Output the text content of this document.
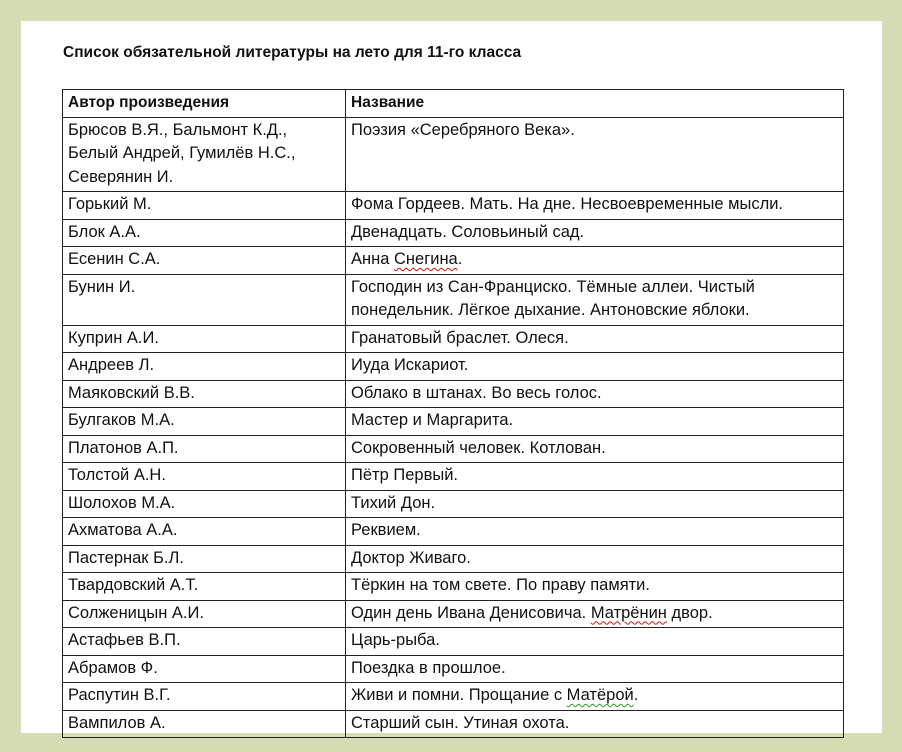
Список обязательной литературы на лето для 11-го класса
Автор произведения	Название
Брюсов В.Я., Бальмонт К.Д.,
Белый Андрей, Гумилёв Н.С.,
Северянин И.	Поэзия «Серебряного Века».
Горький М.	Фома Гордеев. Мать. На дне. Несвоевременные мысли.
Блок А.А.	Двенадцать. Соловьиный сад.
Есенин С.А.	Анна Снегина.
Бунин И.	Господин из Сан-Франциско. Тёмные аллеи. Чистый понедельник. Лёгкое дыхание. Антоновские яблоки.
Куприн А.И.	Гранатовый браслет. Олеся.
Андреев Л.	Иуда Искариот.
Маяковский В.В.	Облако в штанах. Во весь голос.
Булгаков М.А.	Мастер и Маргарита.
Платонов А.П.	Сокровенный человек. Котлован.
Толстой А.Н.	Пётр Первый.
Шолохов М.А.	Тихий Дон.
Ахматова А.А.	Реквием.
Пастернак Б.Л.	Доктор Живаго.
Твардовский А.Т.	Тёркин на том свете. По праву памяти.
Солженицын А.И.	Один день Ивана Денисовича. Матрёнин двор.
Астафьев В.П.	Царь-рыба.
Абрамов Ф.	Поездка в прошлое.
Распутин В.Г.	Живи и помни. Прощание с Матёрой.
Вампилов А.	Старший сын. Утиная охота.
